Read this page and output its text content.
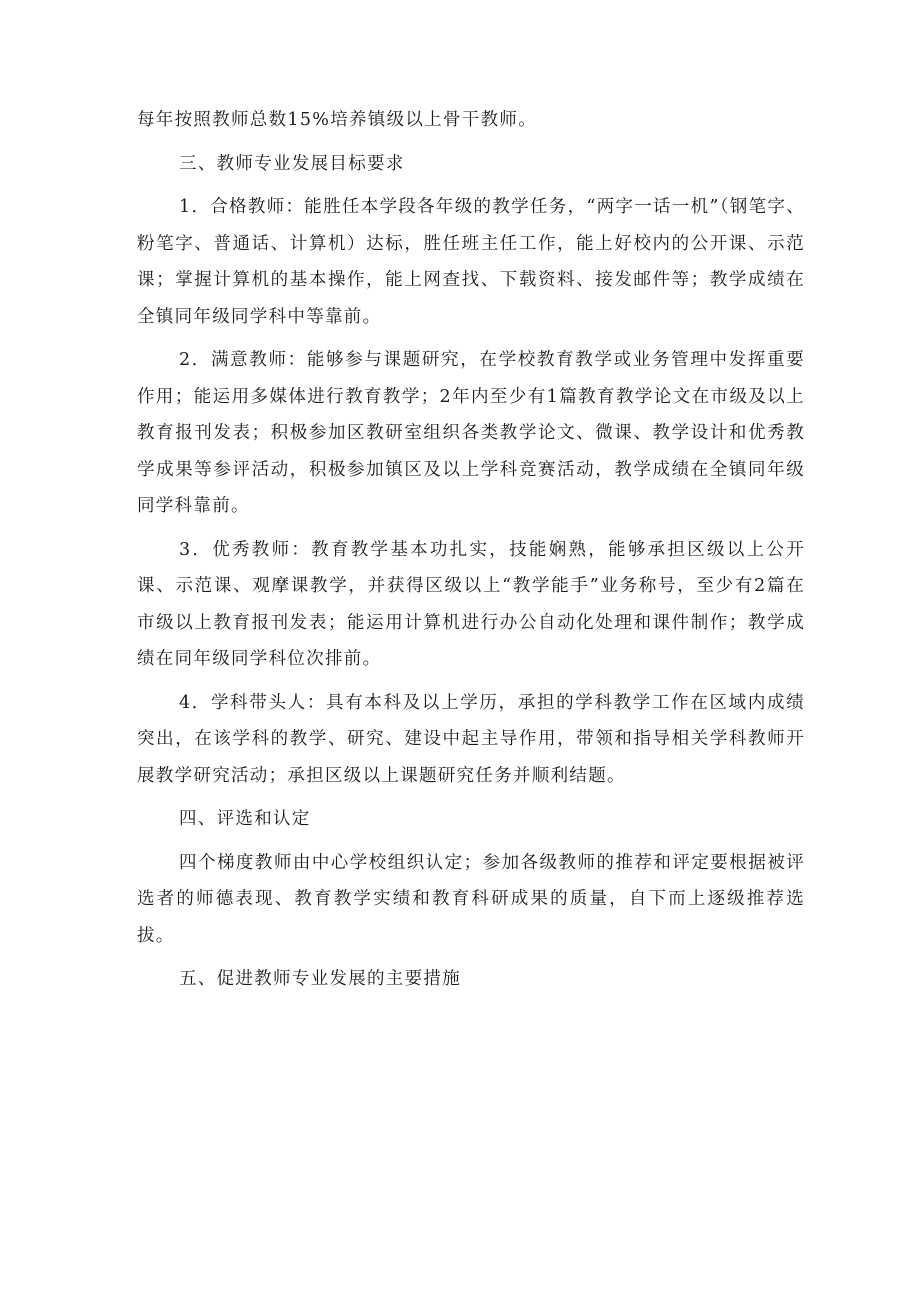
每年按照教师总数15%培养镇级以上骨干教师。

三、教师专业发展目标要求

1．合格教师：能胜任本学段各年级的教学任务，“两字一话一机”（钢笔字、粉笔字、普通话、计算机）达标，胜任班主任工作，能上好校内的公开课、示范课；掌握计算机的基本操作，能上网查找、下载资料、接发邮件等；教学成绩在全镇同年级同学科中等靠前。

2．满意教师：能够参与课题研究，在学校教育教学或业务管理中发挥重要作用；能运用多媒体进行教育教学；2年内至少有1篇教育教学论文在市级及以上教育报刊发表；积极参加区教研室组织各类教学论文、微课、教学设计和优秀教学成果等参评活动，积极参加镇区及以上学科竞赛活动，教学成绩在全镇同年级同学科靠前。

3．优秀教师：教育教学基本功扎实，技能娴熟，能够承担区级以上公开课、示范课、观摩课教学，并获得区级以上“教学能手”业务称号，至少有2篇在市级以上教育报刊发表；能运用计算机进行办公自动化处理和课件制作；教学成绩在同年级同学科位次排前。

4．学科带头人：具有本科及以上学历，承担的学科教学工作在区域内成绩突出，在该学科的教学、研究、建设中起主导作用，带领和指导相关学科教师开展教学研究活动；承担区级以上课题研究任务并顺利结题。

四、评选和认定

四个梯度教师由中心学校组织认定；参加各级教师的推荐和评定要根据被评选者的师德表现、教育教学实绩和教育科研成果的质量，自下而上逐级推荐选拔。

五、促进教师专业发展的主要措施
